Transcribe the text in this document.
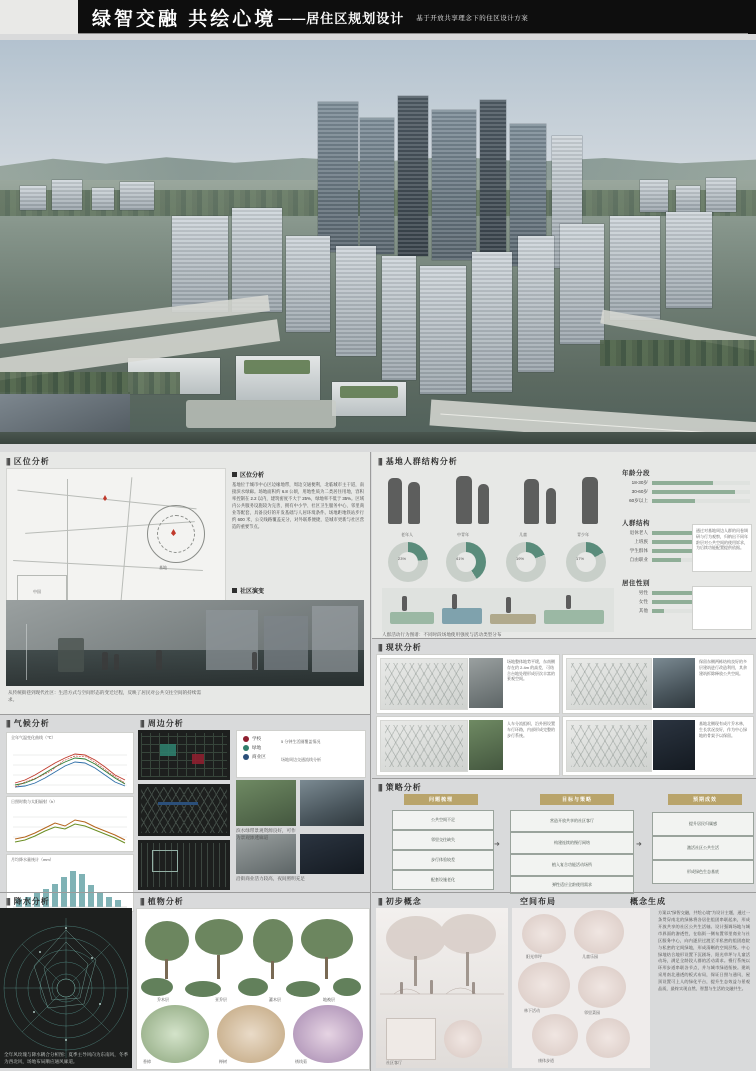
绿智交融 共绘心境 ——居住区规划设计 基于开放共享理念下的住区设计方案
||| 区位分析
基地
中国
区位分析
基地位于城市中心区边缘地带，周边交通便利，北临城市主干道，南接滨水绿廊。场地面积约 6.8 公顷，用地性质为二类居住用地，容积率控制在 2.2 以内，建筑密度不大于 25%，绿地率不低于 35%。区域内公共服务设施较为完善，拥有中小学、社区卫生服务中心、邻里商业等配套，具备良好的开发基础与人居环境条件。场地距地铁站步行约 600 米，公交线路覆盖充分，对外联系便捷，是城市更新与社区营造的重要节点。
社区演变
从传统街巷到现代社区：生活方式与空间形态的变迁过程，反映了居民对公共交往空间的持续需求。
||| 气候分析	||| 周边分析
全年气温变化曲线（℃）
日照时数与太阳辐射（h）
月均降水量统计（mm）
学校
绿地
商业区
5 分钟生活圈覆盖情况
场地周边交通流线分析
滨水绿带景观资源良好，可作为景观渗透廊道
沿街商业活力较高，夜间照明充足
||| 降水分析	||| 植物分析
全年风玫瑰与降水耦合分析图：夏季主导风向为东南风，冬季为西北风，场地布局顺应通风廊道。
乔木层	亚乔层	灌木层	地被层
香樟	榉树	绣线菊
||| 基地人群结构分析
老年人	中青年	儿童	青少年
23%	41%	19%	17%
人群活动行为图谱：不同时段场地使用强度与活动类型分布
年龄分段
18-30岁
30-60岁
60岁以上
人群结构
退休老人
上班族
学生群体
自由职业
居住性别
男性
女性
其他
通过对基地周边人群的问卷调研与行为观察，归纳出不同年龄层对公共空间的使用诉求，为后续功能配置提供依据。
||| 现状分析
场地整体地势平缓，东南侧存在约 2.4m 的高差，可结合台地处理形成层次丰富的景观空间。
保留东侧两栋结构良好的多层建筑进行改造利用，其余建筑拆除释放公共空间。
人车分流组织，沿外围设置车行环路，内部形成完整的步行系统。
基地北侧现有成片乔木林，生长状况良好，作为中心绿地的骨架予以保留。
||| 策略分析
问题梳理	目标与策略	预期成效
公共空间不足
邻里交往缺失
步行体验较差
配套设施老化
➜
营造开放共享的社区客厅
构建连续的慢行网络
植入复合功能活动场所
弹性适应全龄使用需求
➜
提升居民归属感
激活社区公共生活
形成绿色生态基底
||| 初步概念	空间布局	概念生成
社区客厅
阳光草坪	儿童乐园
林下活动	邻里菜园
康体步道
方案以“绿智交融，共绘心境”为设计主题，通过一条贯穿南北的绿脉将各居住组团串联起来，形成开放共享的社区公共生活轴。设计强调场地与城市界面的渗透性，在临街一侧布置邻里商业与社区服务中心，向内逐层过渡至半私密的组团庭院与私密的宅间绿地，形成清晰的空间层级。中心绿地结合地形设置下沉剧场、阳光草坪与儿童活动场，满足全龄段人群的活动需求。慢行系统以环形步道串联各节点，并与城市绿道衔接。建筑采用南北通透的板式布局，保证日照与通风，屋顶设置可上人的绿化平台，提升生态效益与景观品质，最终实现自然、智慧与生活的交融共生。
